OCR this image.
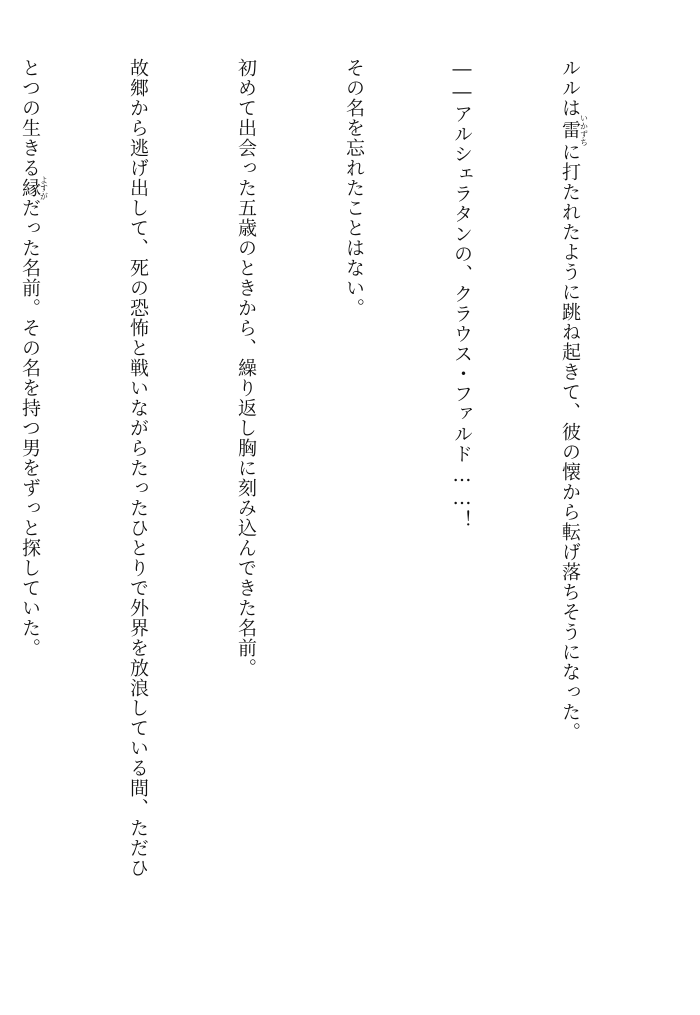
ルルは雷いかずちに打たれたように跳ね起きて、彼の懐から転げ落ちそうになった。

――アルシェラタンの、クラウス・ファルド……！

その名を忘れたことはない。

初めて出会った五歳のときから、繰り返し胸に刻み込んできた名前。

故郷から逃げ出して、死の恐怖と戦いながらたったひとりで外界を放浪している間、ただひ

とつの生きる縁よすがだった名前。その名を持つ男をずっと探していた。
